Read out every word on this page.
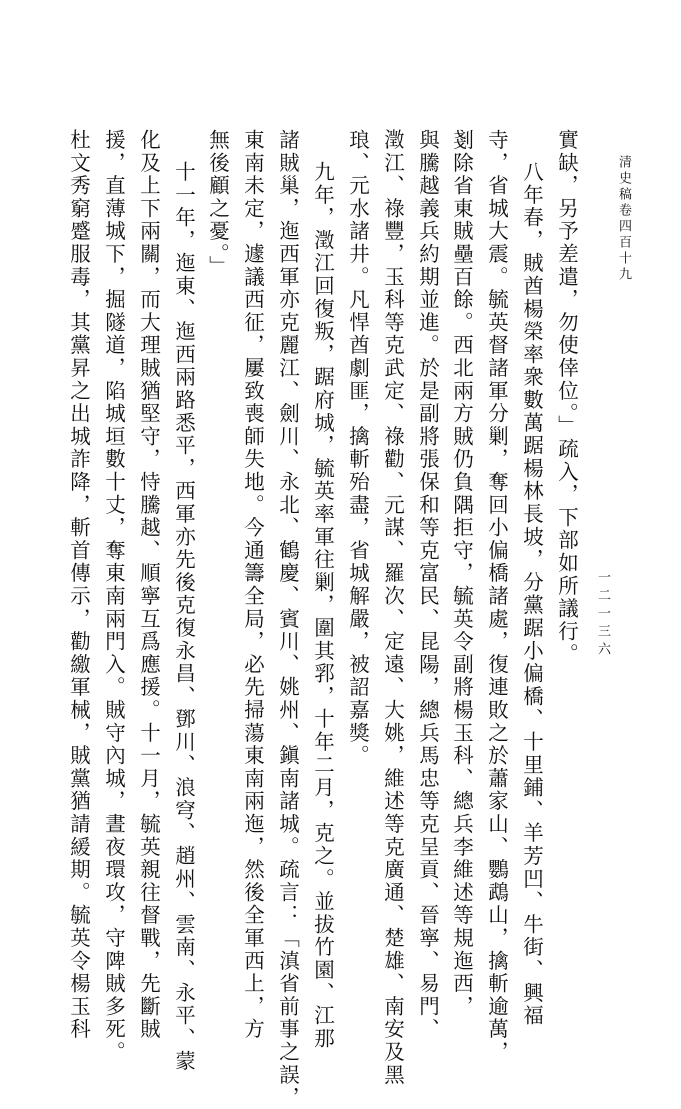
清史稿卷四百十九
一二一三六
實缺，另予差遣，勿使倖位。」疏入，下部如所議行。
八年春，賊酋楊榮率衆數萬踞楊林長坡，分黨踞小偏橋、十里鋪、羊芳凹、牛街、興福
寺，省城大震。毓英督諸軍分剿，奪回小偏橋諸處，復連敗之於蕭家山、鸚鵡山，擒斬逾萬，
剗除省東賊壘百餘。西北兩方賊仍負隅拒守，毓英令副將楊玉科、總兵李維述等規迤西，
與騰越義兵約期並進。於是副將張保和等克富民、昆陽，總兵馬忠等克呈貢、晉寧、易門、
澂江、祿豐，玉科等克武定、祿勸、元謀、羅次、定遠、大姚，維述等克廣通、楚雄、南安及黑
琅、元水諸井。凡悍酋劇匪，擒斬殆盡，省城解嚴，被詔嘉獎。
九年，澂江回復叛，踞府城，毓英率軍往剿，圍其郛，十年二月，克之。並拔竹園、江那
諸賊巢，迤西軍亦克麗江、劍川、永北、鶴慶、賓川、姚州、鎭南諸城。疏言：「滇省前事之誤，
東南未定，遽議西征，屢致喪師失地。今通籌全局，必先掃蕩東南兩迤，然後全軍西上，方
無後顧之憂。」
十一年，迤東、迤西兩路悉平，西軍亦先後克復永昌、鄧川、浪穹、趙州、雲南、永平、蒙
化及上下兩關，而大理賊猶堅守，恃騰越、順寧互爲應援。十一月，毓英親往督戰，先斷賊
援，直薄城下，掘隧道，陷城垣數十丈，奪東南兩門入。賊守內城，晝夜環攻，守陴賊多死。
杜文秀窮蹙服毒，其黨昇之出城詐降，斬首傳示，勸繳軍械，賊黨猶請緩期。毓英令楊玉科
